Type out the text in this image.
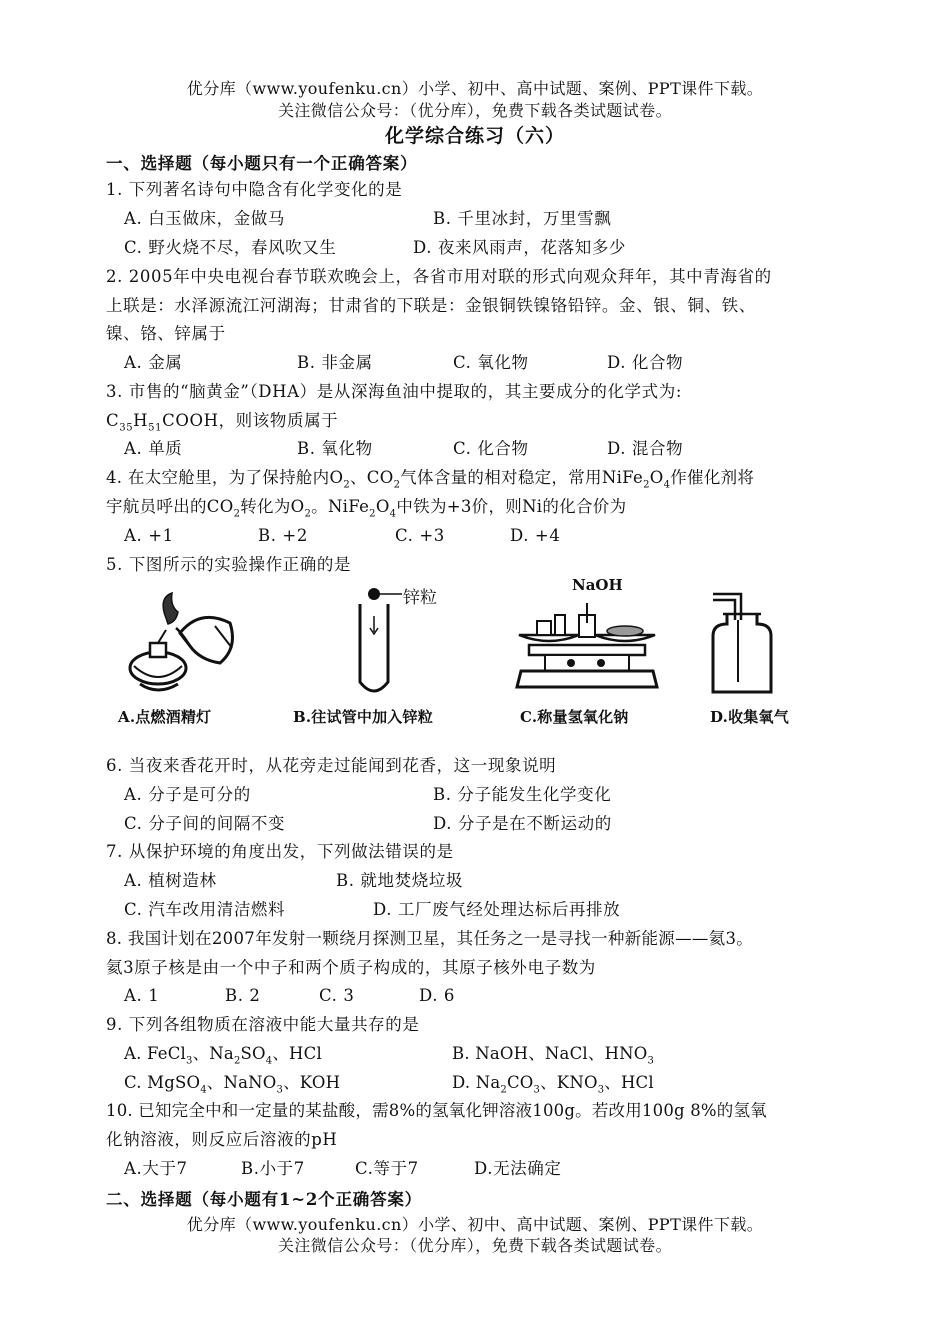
优分库（www.youfenku.cn）小学、初中、高中试题、案例、PPT课件下载。
关注微信公众号：（优分库），免费下载各类试题试卷。
化学综合练习（六）
一、选择题（每小题只有一个正确答案）
1. 下列著名诗句中隐含有化学变化的是
A. 白玉做床，金做马	B. 千里冰封，万里雪飘
C. 野火烧不尽，春风吹又生	D. 夜来风雨声，花落知多少
2. 2005年中央电视台春节联欢晚会上，各省市用对联的形式向观众拜年，其中青海省的
上联是：水泽源流江河湖海；甘肃省的下联是：金银铜铁镍铬铅锌。金、银、铜、铁、
镍、铬、锌属于
A. 金属	B. 非金属	C. 氧化物	D. 化合物
3. 市售的“脑黄金”（DHA）是从深海鱼油中提取的，其主要成分的化学式为:
$C_{35}H_{51}COOH$，则该物质属于
A. 单质	B. 氧化物	C. 化合物	D. 混合物
4. 在太空舱里，为了保持舱内$O_2$、$CO_2$气体含量的相对稳定，常用$NiFe_2O_4$作催化剂将
宇航员呼出的$CO_2$转化为$O_2$。$NiFe_2O_4$中铁为+3价，则Ni的化合价为
A. +1	B. +2	C. +3	D. +4
5. 下图所示的实验操作正确的是
A.点燃酒精灯
锌粒
B.往试管中加入锌粒
NaOH
C.称量氢氧化钠	D.收集氧气
6. 当夜来香花开时，从花旁走过能闻到花香，这一现象说明
A. 分子是可分的	B. 分子能发生化学变化
C. 分子间的间隔不变	D. 分子是在不断运动的
7. 从保护环境的角度出发，下列做法错误的是
A. 植树造林	B. 就地焚烧垃圾
C. 汽车改用清洁燃料	D. 工厂废气经处理达标后再排放
8. 我国计划在2007年发射一颗绕月探测卫星，其任务之一是寻找一种新能源——氦3。
氦3原子核是由一个中子和两个质子构成的，其原子核外电子数为
A. 1	B. 2	C. 3	D. 6
9. 下列各组物质在溶液中能大量共存的是
A. FeCl$_3$、$Na_2SO_4$、HCl	B. NaOH、NaCl、$HNO_3$
C. MgSO$_4$、NaNO$_3$、KOH	D. $Na_2CO_3$、$KNO_3$、HCl
10. 已知完全中和一定量的某盐酸，需8%的氢氧化钾溶液100g。若改用100g 8%的氢氧
化钠溶液，则反应后溶液的pH
A.大于7	B.小于7	C.等于7	D.无法确定
二、选择题（每小题有1~2个正确答案）
优分库（www.youfenku.cn）小学、初中、高中试题、案例、PPT课件下载。
关注微信公众号：（优分库），免费下载各类试题试卷。
